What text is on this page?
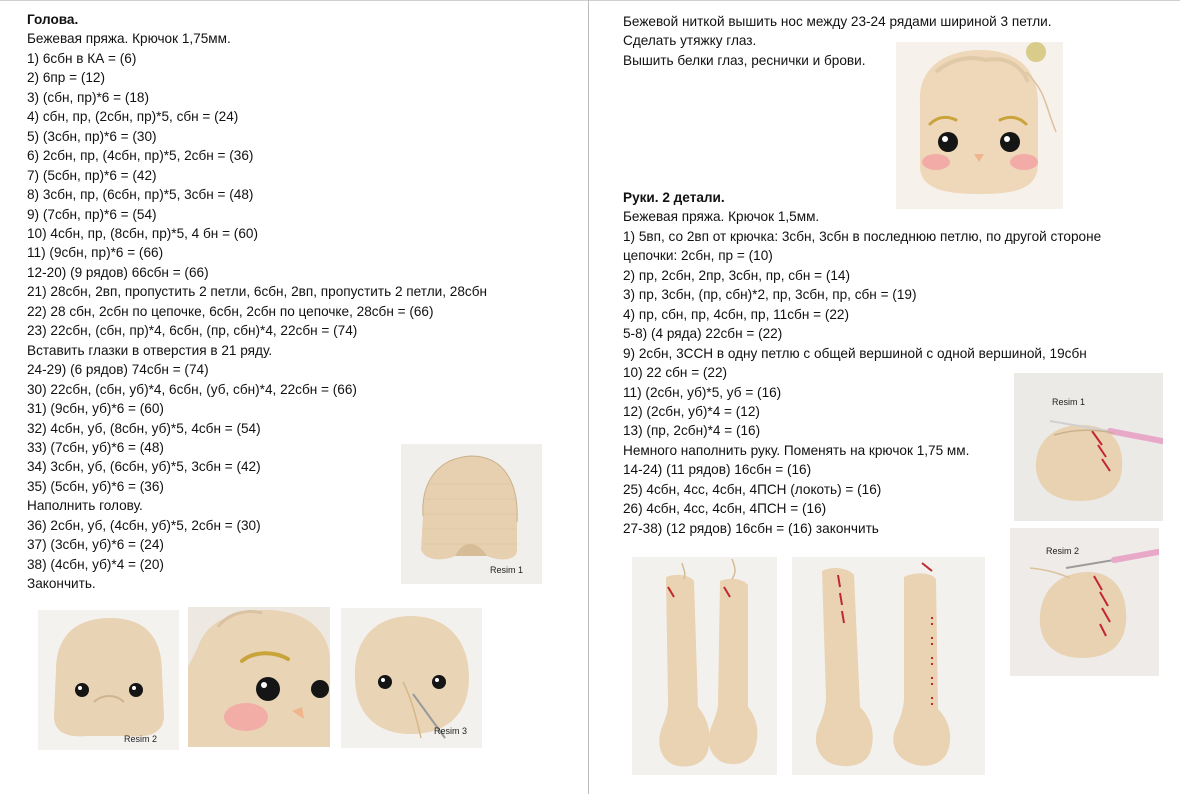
Голова.

Бежевая пряжа. Крючок 1,75мм.

1) 6сбн в КА = (6)

2) 6пр = (12)

3) (сбн, пр)*6 = (18)

4) сбн, пр, (2сбн, пр)*5, сбн = (24)

5) (3сбн, пр)*6 = (30)

6) 2сбн, пр, (4сбн, пр)*5, 2сбн = (36)

7) (5сбн, пр)*6 = (42)

8) 3сбн, пр, (6сбн, пр)*5, 3сбн = (48)

9) (7сбн, пр)*6 = (54)

10) 4сбн, пр, (8сбн, пр)*5, 4 бн = (60)

11) (9сбн, пр)*6 = (66)

12-20) (9 рядов) 66сбн = (66)

21) 28сбн, 2вп, пропустить 2 петли, 6сбн, 2вп, пропустить 2 петли, 28сбн

22) 28 сбн, 2сбн по цепочке, 6сбн, 2сбн по цепочке, 28сбн = (66)

23) 22сбн, (сбн, пр)*4, 6сбн, (пр, сбн)*4, 22сбн = (74)

Вставить глазки в отверстия в 21 ряду.

24-29) (6 рядов) 74сбн = (74)

30) 22сбн, (сбн, уб)*4, 6сбн, (уб, сбн)*4, 22сбн = (66)

31) (9сбн, уб)*6 = (60)

32) 4сбн, уб, (8сбн, уб)*5, 4сбн = (54)

33) (7сбн, уб)*6 = (48)

34) 3сбн, уб, (6сбн, уб)*5, 3сбн = (42)

35) (5сбн, уб)*6 = (36)

Наполнить голову.

36) 2сбн, уб, (4сбн, уб)*5, 2сбн = (30)

37) (3сбн, уб)*6 = (24)

38) (4сбн, уб)*4 = (20)

Закончить.

Resim 1
Resim 2
Resim 3

Бежевой ниткой вышить нос между 23-24 рядами шириной 3 петли.

Сделать утяжку глаз.

Вышить белки глаз, реснички и брови.

Руки. 2 детали.

Бежевая пряжа. Крючок 1,5мм.

1) 5вп, со 2вп от крючка: 3сбн, 3сбн в последнюю петлю, по другой стороне

цепочки: 2сбн, пр = (10)

2) пр, 2сбн, 2пр, 3сбн, пр, сбн = (14)

3) пр, 3сбн, (пр, сбн)*2, пр, 3сбн, пр, сбн = (19)

4) пр, сбн, пр, 4сбн, пр, 11сбн = (22)

5-8) (4 ряда) 22сбн = (22)

9) 2сбн, 3ССН в одну петлю с общей вершиной с одной вершиной, 19сбн

10) 22 сбн = (22)

11) (2сбн, уб)*5, уб = (16)

12) (2сбн, уб)*4 = (12)

13) (пр, 2сбн)*4 = (16)

Немного наполнить руку. Поменять на крючок 1,75 мм.

14-24) (11 рядов) 16сбн = (16)

25) 4сбн, 4сс, 4сбн, 4ПСН (локоть) = (16)

26) 4сбн, 4сс, 4сбн, 4ПСН = (16)

27-38) (12 рядов) 16сбн = (16) закончить

Resim 1
Resim 2
